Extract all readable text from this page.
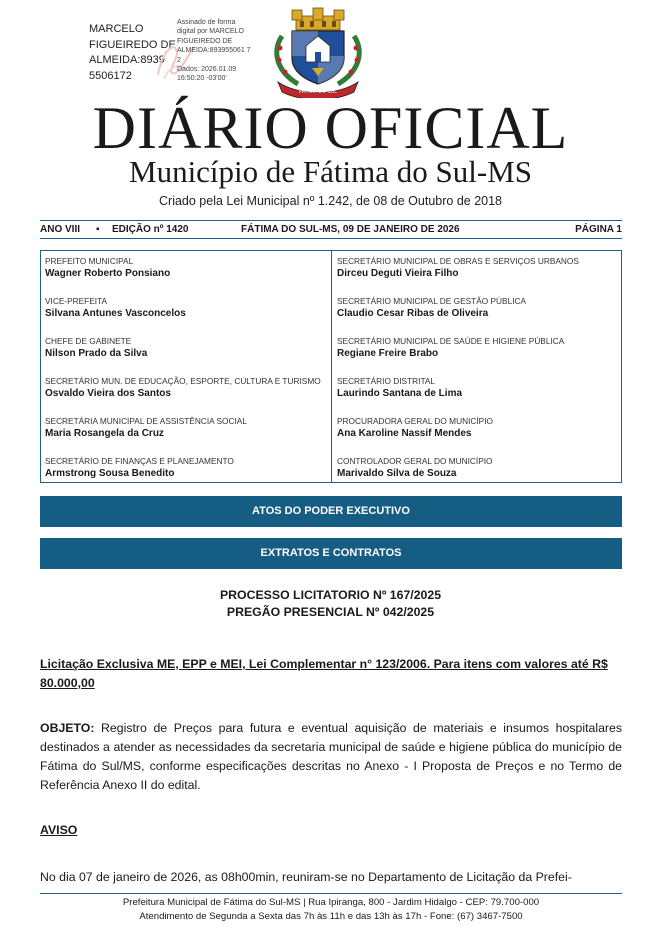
MARCELO
FIGUEIREDO DE
ALMEIDA:8939
5506172
Assinado de forma
digital por MARCELO
FIGUEIREDO DE
ALMEIDA:893955061 7
2
Dados: 2026.01.09
16:50:20 -03'00'
FÁTIMA DO SUL
DIÁRIO OFICIAL
Município de Fátima do Sul-MS
Criado pela Lei Municipal nº 1.242, de 08 de Outubro de 2018
ANO VIII ▪ EDIÇÃO nº 1420	FÁTIMA DO SUL-MS, 09 DE JANEIRO DE 2026	PÁGINA 1
PREFEITO MUNICIPAL
Wagner Roberto Ponsiano
VICE-PREFEITA
Silvana Antunes Vasconcelos
CHEFE DE GABINETE
Nilson Prado da Silva
SECRETÁRIO MUN. DE EDUCAÇÃO, ESPORTE, CULTURA E TURISMO
Osvaldo Vieira dos Santos
SECRETÁRIA MUNICIPAL DE ASSISTÊNCIA SOCIAL
Maria Rosangela da Cruz
SECRETÁRIO DE FINANÇAS E PLANEJAMENTO
Armstrong Sousa Benedito
SECRETÁRIO MUNICIPAL DE OBRAS E SERVIÇOS URBANOS
Dirceu Deguti Vieira Filho
SECRETÁRIO MUNICIPAL DE GESTÃO PÚBLICA
Claudio Cesar Ribas de Oliveira
SECRETÁRIO MUNICIPAL DE SAÚDE E HIGIENE PÚBLICA
Regiane Freire Brabo
SECRETÁRIO DISTRITAL
Laurindo Santana de Lima
PROCURADORA GERAL DO MUNICÍPIO
Ana Karoline Nassif Mendes
CONTROLADOR GERAL DO MUNICÍPIO
Marivaldo Silva de Souza
ATOS DO PODER EXECUTIVO
EXTRATOS E CONTRATOS
PROCESSO LICITATORIO Nº 167/2025
PREGÃO PRESENCIAL Nº 042/2025
Licitação Exclusiva ME, EPP e MEI, Lei Complementar n° 123/2006. Para itens com valores até R$ 80.000,00
OBJETO: Registro de Preços para futura e eventual aquisição de materiais e insumos hospitalares destinados a atender as necessidades da secretaria municipal de saúde e higiene pública do município de Fátima do Sul/MS, conforme especificações descritas no Anexo - I Proposta de Preços e no Termo de Referência Anexo II do edital.
AVISO
No dia 07 de janeiro de 2026, as 08h00min, reuniram-se no Departamento de Licitação da Prefei-
Prefeitura Municipal de Fátima do Sul-MS | Rua Ipiranga, 800 - Jardim Hidalgo - CEP: 79.700-000
Atendimento de Segunda a Sexta das 7h às 11h e das 13h às 17h - Fone: (67) 3467-7500
